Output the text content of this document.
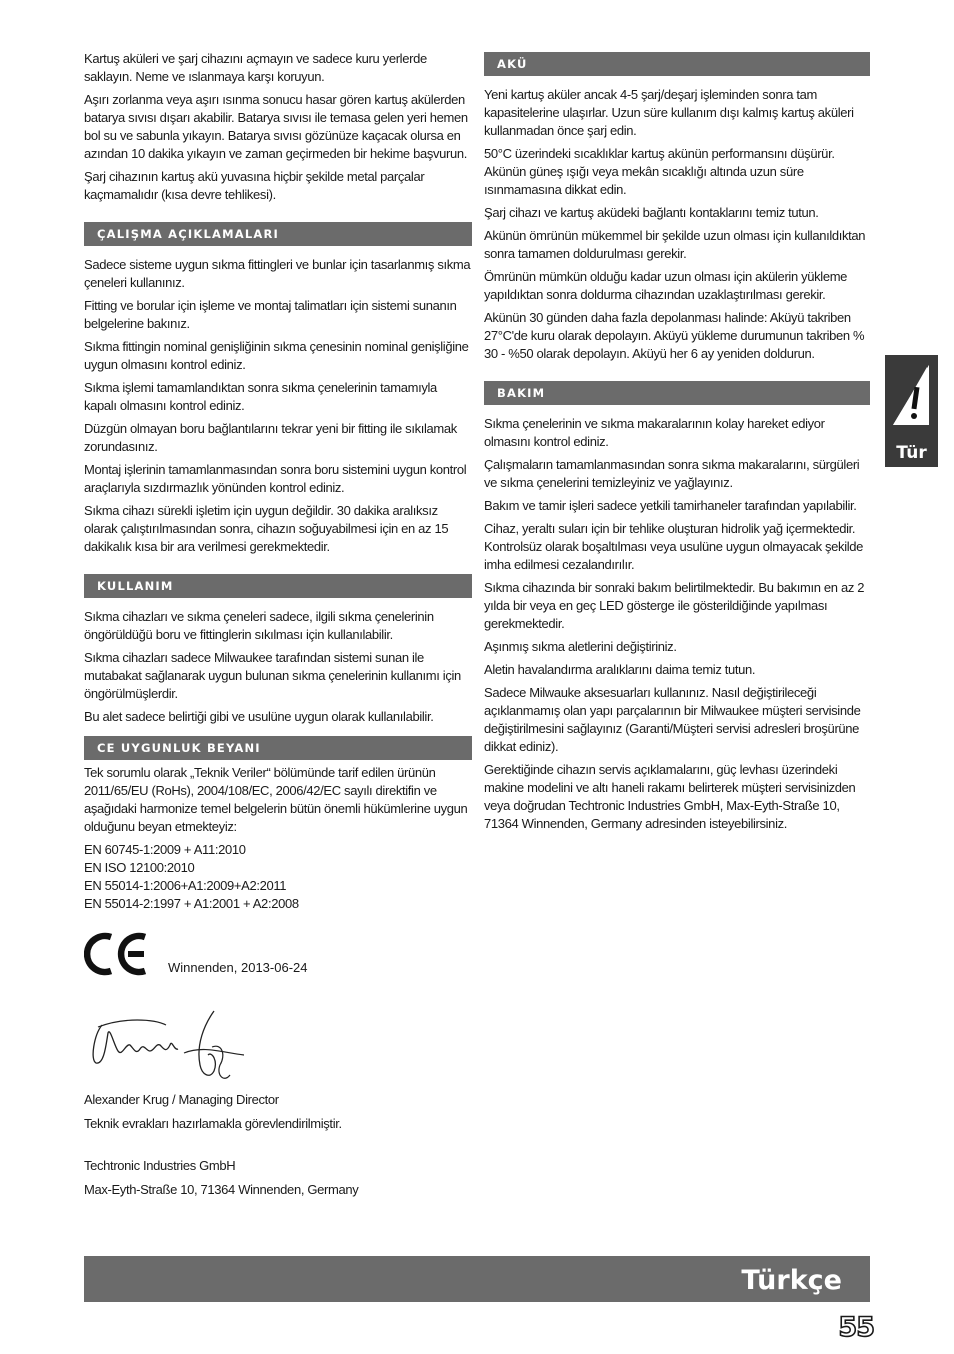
Kartuş aküleri ve şarj cihazını açmayın ve sadece kuru yerlerde saklayın. Neme ve ıslanmaya karşı koruyun.

Aşırı zorlanma veya aşırı ısınma sonucu hasar gören kartuş akülerden batarya sıvısı dışarı akabilir. Batarya sıvısı ile temasa gelen yeri hemen bol su ve sabunla yıkayın. Batarya sıvısı gözünüze kaçacak olursa en azından 10 dakika yıkayın ve zaman geçirmeden bir hekime başvurun.

Şarj cihazının kartuş akü yuvasına hiçbir şekilde metal parçalar kaçmamalıdır (kısa devre tehlikesi).

ÇALIŞMA AÇIKLAMALARI

Sadece sisteme uygun sıkma fittingleri ve bunlar için tasarlanmış sıkma çeneleri kullanınız.

Fitting ve borular için işleme ve montaj talimatları için sistemi sunanın belgelerine bakınız.

Sıkma fittingin nominal genişliğinin sıkma çenesinin nominal genişliğine uygun olmasını kontrol ediniz.

Sıkma işlemi tamamlandıktan sonra sıkma çenelerinin tamamıyla kapalı olmasını kontrol ediniz.

Düzgün olmayan boru bağlantılarını tekrar yeni bir fitting ile sıkılamak zorundasınız.

Montaj işlerinin tamamlanmasından sonra boru sistemini uygun kontrol araçlarıyla sızdırmazlık yönünden kontrol ediniz.

Sıkma cihazı sürekli işletim için uygun değildir. 30 dakika aralıksız olarak çalıştırılmasından sonra, cihazın soğuyabilmesi için en az 15 dakikalık kısa bir ara verilmesi gerekmektedir.

KULLANIM

Sıkma cihazları ve sıkma çeneleri sadece, ilgili sıkma çenelerinin öngörüldüğü boru ve fittinglerin sıkılması için kullanılabilir.

Sıkma cihazları sadece Milwaukee tarafından sistemi sunan ile mutabakat sağlanarak uygun bulunan sıkma çenelerinin kullanımı için öngörülmüşlerdir.

Bu alet sadece belirtiği gibi ve usulüne uygun olarak kullanılabilir.

CE UYGUNLUK BEYANI

Tek sorumlu olarak „Teknik Veriler“ bölümünde tarif edilen ürünün 2011/65/EU (RoHs), 2004/108/EC, 2006/42/EC sayılı direktifin ve aşağıdaki harmonize temel belgelerin bütün önemli hükümlerine uygun olduğunu beyan etmekteyiz:

EN 60745-1:2009 + A11:2010

EN ISO 12100:2010

EN 55014-1:2006+A1:2009+A2:2011

EN 55014-2:1997 + A1:2001 + A2:2008

Winnenden, 2013-06-24

Alexander Krug / Managing Director

Teknik evrakları hazırlamakla görevlendirilmiştir.

Techtronic Industries GmbH

Max-Eyth-Straße 10, 71364 Winnenden, Germany

AKÜ

Yeni kartuş aküler ancak 4-5 şarj/deşarj işleminden sonra tam kapasitelerine ulaşırlar. Uzun süre kullanım dışı kalmış kartuş aküleri kullanmadan önce şarj edin.

50°C üzerindeki sıcaklıklar kartuş akünün performansını düşürür. Akünün güneş ışığı veya mekân sıcaklığı altında uzun süre ısınmamasına dikkat edin.

Şarj cihazı ve kartuş aküdeki bağlantı kontaklarını temiz tutun.

Akünün ömrünün mükemmel bir şekilde uzun olması için kullanıldıktan sonra tamamen doldurulması gerekir.

Ömrünün mümkün olduğu kadar uzun olması için akülerin yükleme yapıldıktan sonra doldurma cihazından uzaklaştırılması gerekir.

Akünün 30 günden daha fazla depolanması halinde: Aküyü takriben 27°C'de kuru olarak depolayın. Aküyü yükleme durumunun takriben % 30 - %50 olarak depolayın. Aküyü her 6 ay yeniden doldurun.

BAKIM

Sıkma çenelerinin ve sıkma makaralarının kolay hareket ediyor olmasını kontrol ediniz.

Çalışmaların tamamlanmasından sonra sıkma makaralarını, sürgüleri ve sıkma çenelerini temizleyiniz ve yağlayınız.

Bakım ve tamir işleri sadece yetkili tamirhaneler tarafından yapılabilir.

Cihaz, yeraltı suları için bir tehlike oluşturan hidrolik yağ içermektedir. Kontrolsüz olarak boşaltılması veya usulüne uygun olmayacak şekilde imha edilmesi cezalandırılır.

Sıkma cihazında bir sonraki bakım belirtilmektedir. Bu bakımın en az 2 yılda bir veya en geç LED gösterge ile gösterildiğinde yapılması gerekmektedir.

Aşınmış sıkma aletlerini değiştiriniz.

Aletin havalandırma aralıklarını daima temiz tutun.

Sadece Milwauke aksesuarları kullanınız. Nasıl değiştirileceği açıklanmamış olan yapı parçalarının bir Milwaukee müşteri servisinde değiştirilmesini sağlayınız (Garanti/Müşteri servisi adresleri broşürüne dikkat ediniz).

Gerektiğinde cihazın servis açıklamalarını, güç levhası üzerindeki makine modelini ve altı haneli rakamı belirterek müşteri servisinizden veya doğrudan Techtronic Industries GmbH, Max-Eyth-Straße 10, 71364 Winnenden, Germany adresinden isteyebilirsiniz.

Tür
Türkçe
55
